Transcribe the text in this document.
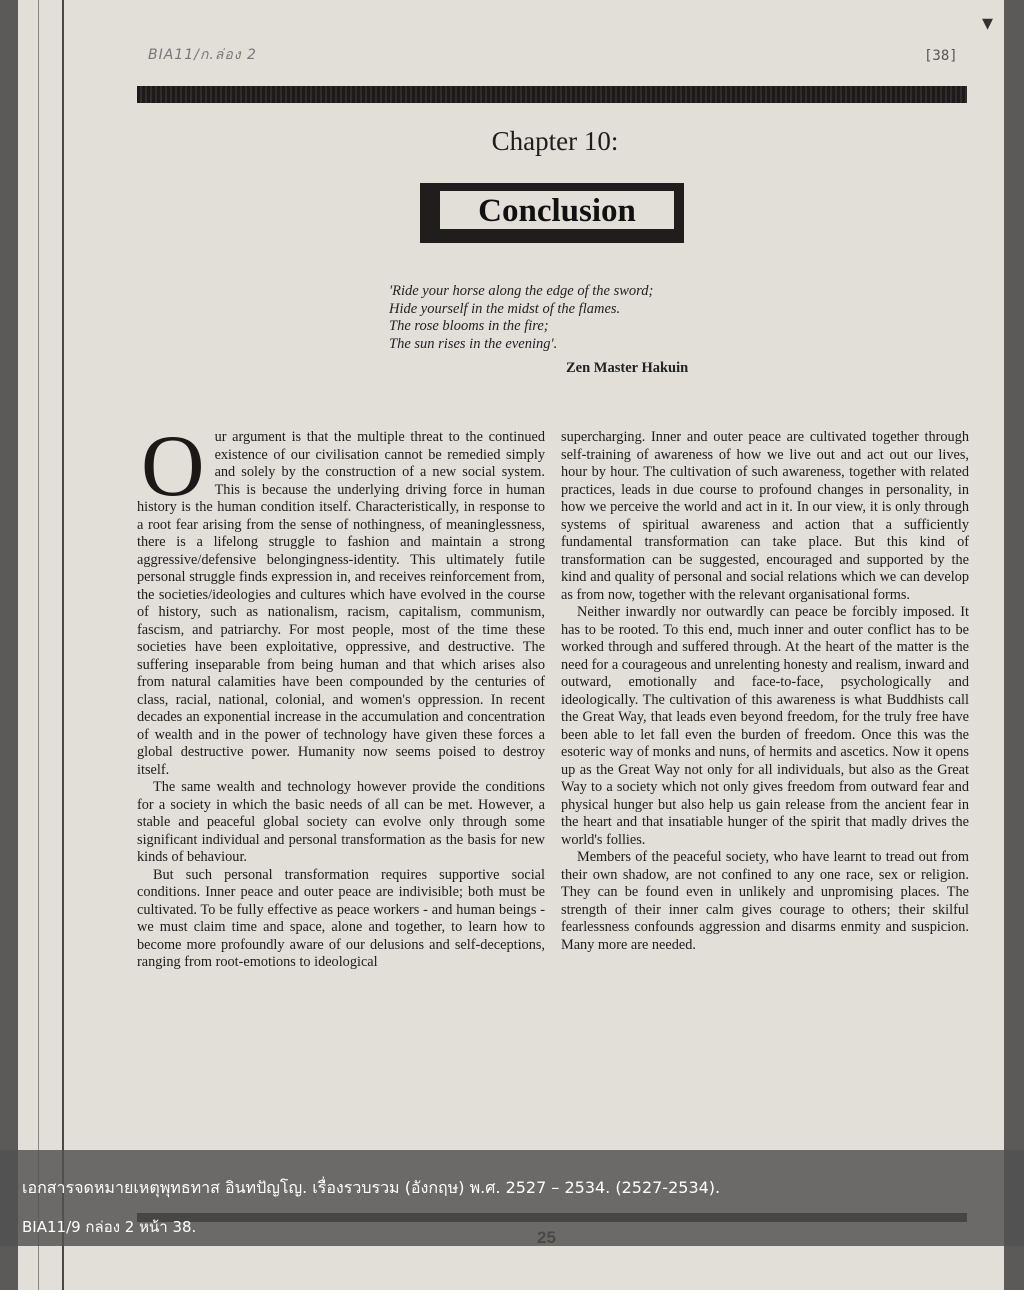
▾
BIA11/ก.ล่อง 2	[38]
Chapter 10:
Conclusion
'Ride your horse along the edge of the sword;
Hide yourself in the midst of the flames.
The rose blooms in the fire;
The sun rises in the evening'.
Zen Master Hakuin

Our argument is that the multiple threat to the continued existence of our civilisation cannot be remedied simply and solely by the construction of a new social system. This is because the underlying driving force in human history is the human condition itself. Characteristically, in response to a root fear arising from the sense of nothingness, of meaninglessness, there is a lifelong struggle to fashion and maintain a strong aggressive/defensive belongingness-identity. This ultimately futile personal struggle finds expression in, and receives reinforcement from, the societies/ideologies and cultures which have evolved in the course of history, such as nationalism, racism, capitalism, communism, fascism, and patriarchy. For most people, most of the time these societies have been exploitative, oppressive, and destructive. The suffering inseparable from being human and that which arises also from natural calamities have been compounded by the centuries of class, racial, national, colonial, and women's oppression. In recent decades an exponential increase in the accumulation and concentration of wealth and in the power of technology have given these forces a global destructive power. Humanity now seems poised to destroy itself.

The same wealth and technology however provide the conditions for a society in which the basic needs of all can be met. However, a stable and peaceful global society can evolve only through some significant individual and personal transformation as the basis for new kinds of behaviour.

But such personal transformation requires supportive social conditions. Inner peace and outer peace are indivisible; both must be cultivated. To be fully effective as peace workers - and human beings - we must claim time and space, alone and together, to learn how to become more profoundly aware of our delusions and self-deceptions, ranging from root-emotions to ideological

supercharging. Inner and outer peace are cultivated together through self-training of awareness of how we live out and act out our lives, hour by hour. The cultivation of such awareness, together with related practices, leads in due course to profound changes in personality, in how we perceive the world and act in it. In our view, it is only through systems of spiritual awareness and action that a sufficiently fundamental transformation can take place. But this kind of transformation can be suggested, encouraged and supported by the kind and quality of personal and social relations which we can develop as from now, together with the relevant organisational forms.

Neither inwardly nor outwardly can peace be forcibly imposed. It has to be rooted. To this end, much inner and outer conflict has to be worked through and suffered through. At the heart of the matter is the need for a courageous and unrelenting honesty and realism, inward and outward, emotionally and face-to-face, psychologically and ideologically. The cultivation of this awareness is what Buddhists call the Great Way, that leads even beyond freedom, for the truly free have been able to let fall even the burden of freedom. Once this was the esoteric way of monks and nuns, of hermits and ascetics. Now it opens up as the Great Way not only for all individuals, but also as the Great Way to a society which not only gives freedom from outward fear and physical hunger but also help us gain release from the ancient fear in the heart and that insatiable hunger of the spirit that madly drives the world's follies.

Members of the peaceful society, who have learnt to tread out from their own shadow, are not confined to any one race, sex or religion. They can be found even in unlikely and unpromising places. The strength of their inner calm gives courage to others; their skilful fearlessness confounds aggression and disarms enmity and suspicion. Many more are needed.

เอกสารจดหมายเหตุพุทธทาส อินทปัญโญ. เรื่องรวบรวม (อังกฤษ) พ.ศ. 2527 – 2534. (2527-2534).
BIA11/9 กล่อง 2 หน้า 38.
